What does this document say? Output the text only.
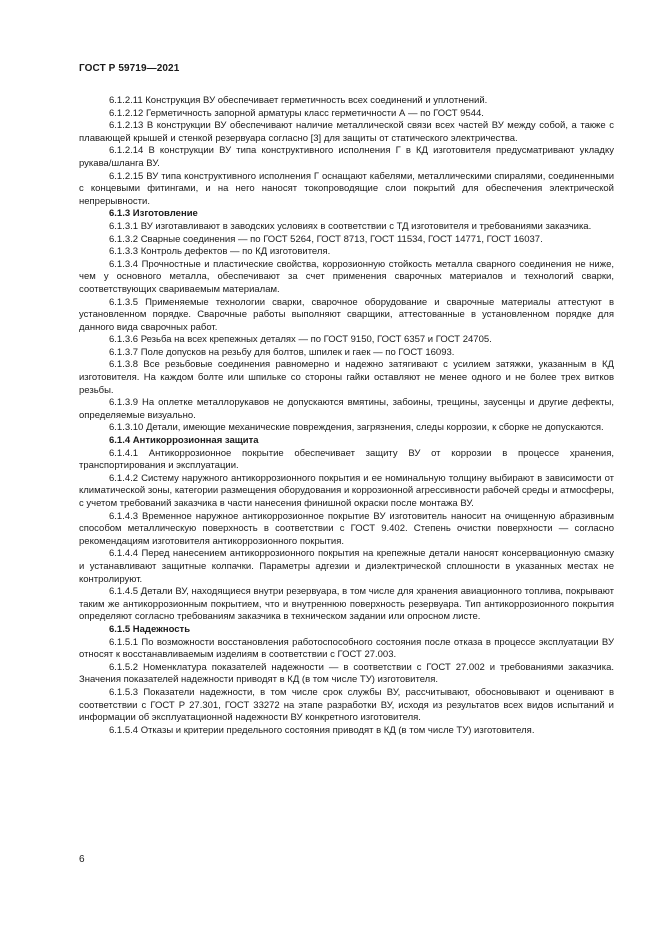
ГОСТ Р 59719—2021

6.1.2.11 Конструкция ВУ обеспечивает герметичность всех соединений и уплотнений.

6.1.2.12 Герметичность запорной арматуры класс герметичности А — по ГОСТ 9544.

6.1.2.13 В конструкции ВУ обеспечивают наличие металлической связи всех частей ВУ между собой, а также с плавающей крышей и стенкой резервуара согласно [3] для защиты от статического электричества.

6.1.2.14 В конструкции ВУ типа конструктивного исполнения Г в КД изготовителя предусматривают укладку рукава/шланга ВУ.

6.1.2.15 ВУ типа конструктивного исполнения Г оснащают кабелями, металлическими спиралями, соединенными с концевыми фитингами, и на него наносят токопроводящие слои покрытий для обеспечения электрической непрерывности.

6.1.3 Изготовление

6.1.3.1 ВУ изготавливают в заводских условиях в соответствии с ТД изготовителя и требованиями заказчика.

6.1.3.2 Сварные соединения — по ГОСТ 5264, ГОСТ 8713, ГОСТ 11534, ГОСТ 14771, ГОСТ 16037.

6.1.3.3 Контроль дефектов — по КД изготовителя.

6.1.3.4 Прочностные и пластические свойства, коррозионную стойкость металла сварного соединения не ниже, чем у основного металла, обеспечивают за счет применения сварочных материалов и технологий сварки, соответствующих свариваемым материалам.

6.1.3.5 Применяемые технологии сварки, сварочное оборудование и сварочные материалы аттестуют в установленном порядке. Сварочные работы выполняют сварщики, аттестованные в установленном порядке для данного вида сварочных работ.

6.1.3.6 Резьба на всех крепежных деталях — по ГОСТ 9150, ГОСТ 6357 и ГОСТ 24705.

6.1.3.7 Поле допусков на резьбу для болтов, шпилек и гаек — по ГОСТ 16093.

6.1.3.8 Все резьбовые соединения равномерно и надежно затягивают с усилием затяжки, указанным в КД изготовителя. На каждом болте или шпильке со стороны гайки оставляют не менее одного и не более трех витков резьбы.

6.1.3.9 На оплетке металлорукавов не допускаются вмятины, забоины, трещины, заусенцы и другие дефекты, определяемые визуально.

6.1.3.10 Детали, имеющие механические повреждения, загрязнения, следы коррозии, к сборке не допускаются.

6.1.4 Антикоррозионная защита

6.1.4.1 Антикоррозионное покрытие обеспечивает защиту ВУ от коррозии в процессе хранения, транспортирования и эксплуатации.

6.1.4.2 Систему наружного антикоррозионного покрытия и ее номинальную толщину выбирают в зависимости от климатической зоны, категории размещения оборудования и коррозионной агрессивности рабочей среды и атмосферы, с учетом требований заказчика в части нанесения финишной окраски после монтажа ВУ.

6.1.4.3 Временное наружное антикоррозионное покрытие ВУ изготовитель наносит на очищенную абразивным способом металлическую поверхность в соответствии с ГОСТ 9.402. Степень очистки поверхности — согласно рекомендациям изготовителя антикоррозионного покрытия.

6.1.4.4 Перед нанесением антикоррозионного покрытия на крепежные детали наносят консервационную смазку и устанавливают защитные колпачки. Параметры адгезии и диэлектрической сплошности в указанных местах не контролируют.

6.1.4.5 Детали ВУ, находящиеся внутри резервуара, в том числе для хранения авиационного топлива, покрывают таким же антикоррозионным покрытием, что и внутреннюю поверхность резервуара. Тип антикоррозионного покрытия определяют согласно требованиям заказчика в техническом задании или опросном листе.

6.1.5 Надежность

6.1.5.1 По возможности восстановления работоспособного состояния после отказа в процессе эксплуатации ВУ относят к восстанавливаемым изделиям в соответствии с ГОСТ 27.003.

6.1.5.2 Номенклатура показателей надежности — в соответствии с ГОСТ 27.002 и требованиями заказчика. Значения показателей надежности приводят в КД (в том числе ТУ) изготовителя.

6.1.5.3 Показатели надежности, в том числе срок службы ВУ, рассчитывают, обосновывают и оценивают в соответствии с ГОСТ Р 27.301, ГОСТ 33272 на этапе разработки ВУ, исходя из результатов всех видов испытаний и информации об эксплуатационной надежности ВУ конкретного изготовителя.

6.1.5.4 Отказы и критерии предельного состояния приводят в КД (в том числе ТУ) изготовителя.

6
